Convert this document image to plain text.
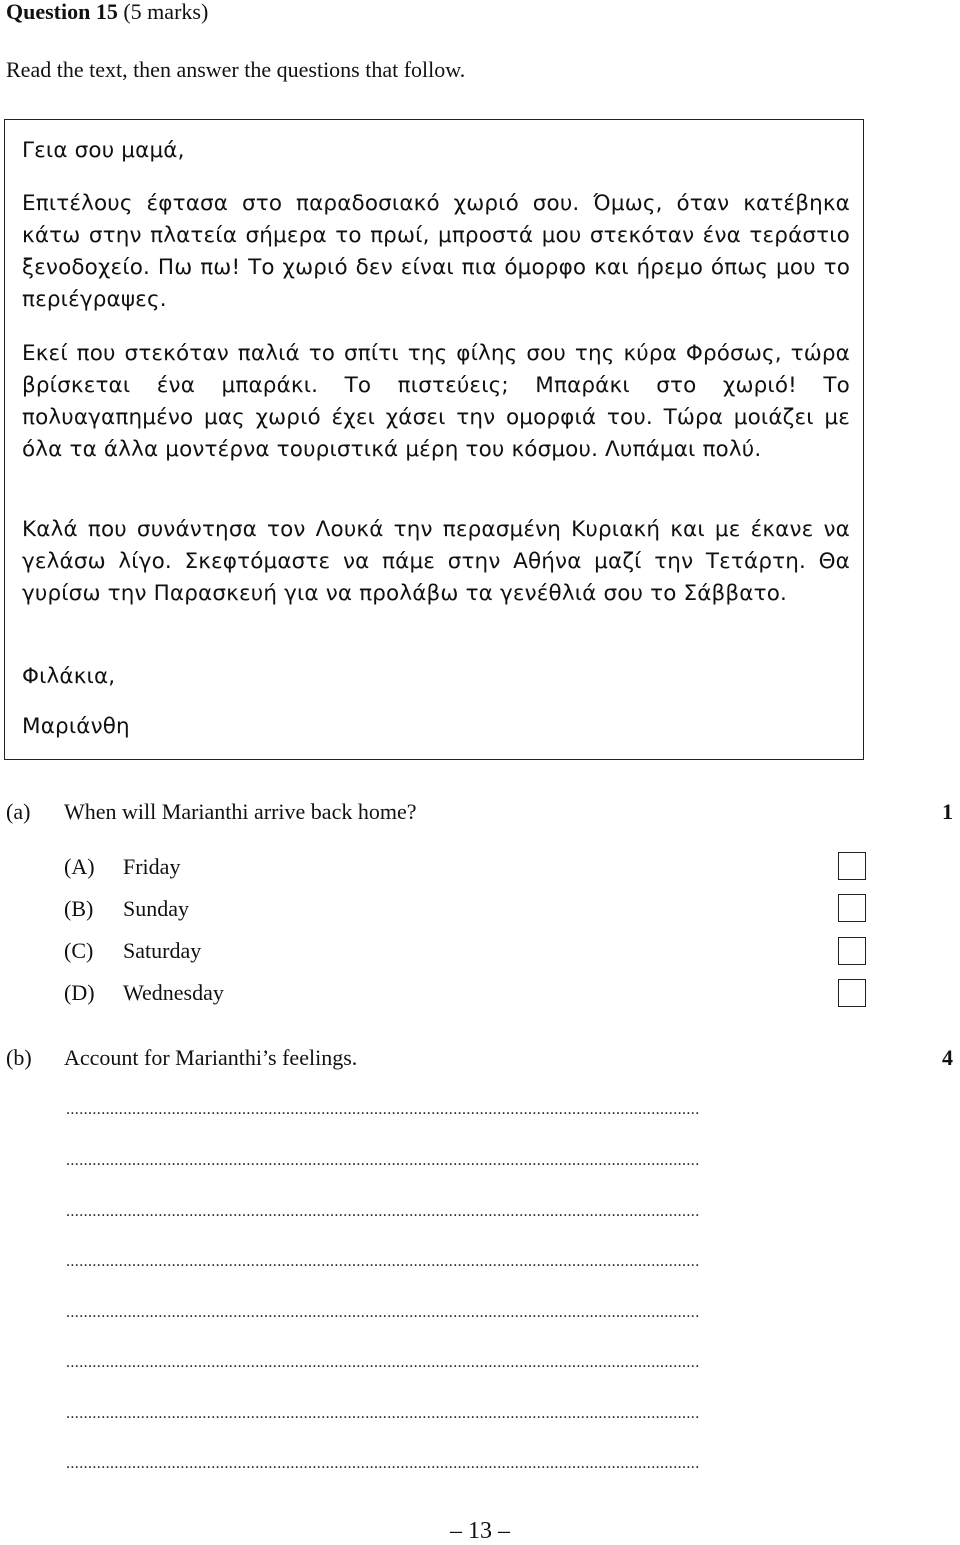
Question 15 (5 marks)
Read the text, then answer the questions that follow.

Γεια σου μαμά,

Επιτέλους έφτασα στο παραδοσιακό χωριό σου. Όμως, όταν κατέβηκα κάτω στην πλατεία σήμερα το πρωί, μπροστά μου στεκόταν ένα τεράστιο ξενοδοχείο. Πω πω! Το χωριό δεν είναι πια όμορφο και ήρεμο όπως μου το περιέγραψες.

Εκεί που στεκόταν παλιά το σπίτι της φίλης σου της κύρα Φρόσως, τώρα βρίσκεται ένα μπαράκι. Το πιστεύεις; Μπαράκι στο χωριό! Το πολυαγαπημένο μας χωριό έχει χάσει την ομορφιά του. Τώρα μοιάζει με όλα τα άλλα μοντέρνα τουριστικά μέρη του κόσμου. Λυπάμαι πολύ.

Καλά που συνάντησα τον Λουκά την περασμένη Κυριακή και με έκανε να γελάσω λίγο. Σκεφτόμαστε να πάμε στην Αθήνα μαζί την Τετάρτη. Θα γυρίσω την Παρασκευή για να προλάβω τα γενέθλιά σου το Σάββατο.

Φιλάκια,

Μαριάνθη

(a) When will Marianthi arrive back home?	1
(A) Friday
(B) Sunday
(C) Saturday
(D) Wednesday
(b) Account for Marianthi’s feelings.	4
................................................................................................................................................
................................................................................................................................................
................................................................................................................................................
................................................................................................................................................
................................................................................................................................................
................................................................................................................................................
................................................................................................................................................
................................................................................................................................................
– 13 –
